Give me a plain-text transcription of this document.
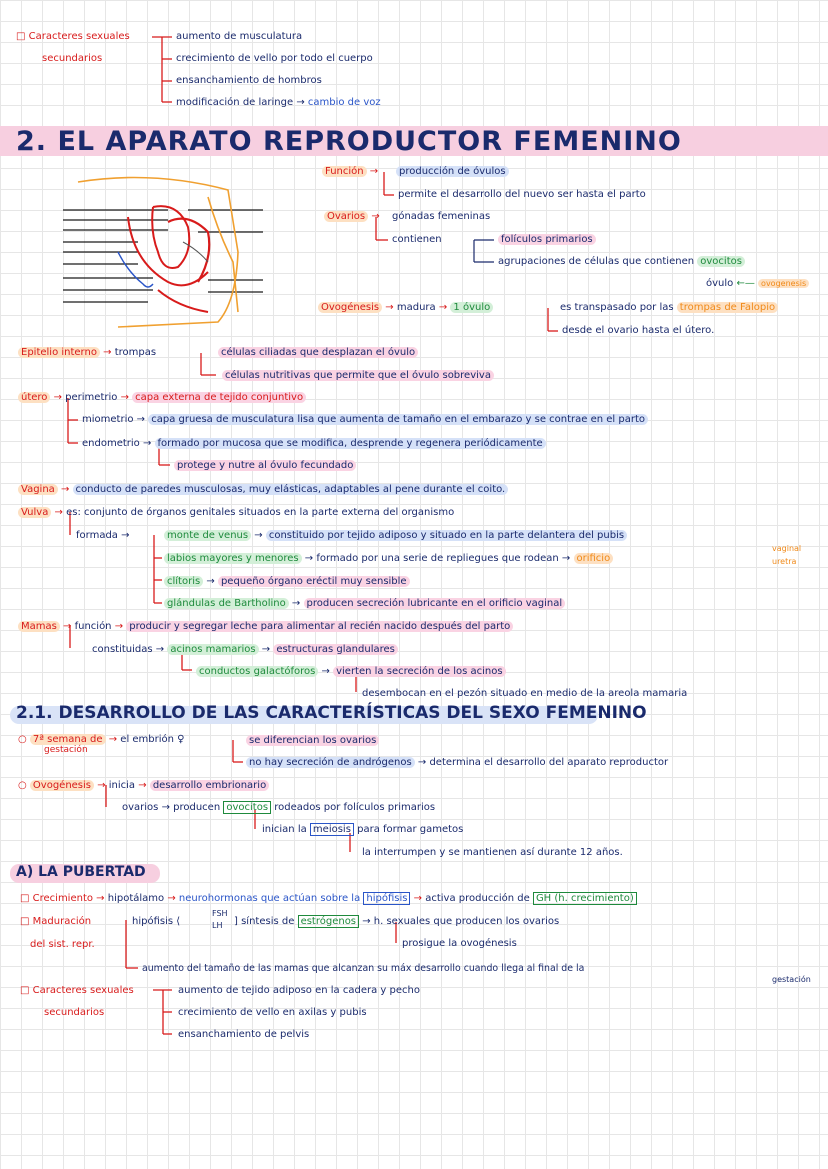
□ Caracteres sexuales
secundarios
aumento de musculatura
crecimiento de vello por todo el cuerpo
ensanchamiento de hombros
modificación de laringe → cambio de voz
2. EL APARATO REPRODUCTOR FEMENINO
Función →	producción de óvulos
permite el desarrollo del nuevo ser hasta el parto
Ovarios → gónadas femeninas
contienen	folículos primarios
agrupaciones de células que contienen ovocitos
óvulo ←— ovogenesis
Ovogénesis → madura → 1 óvulo	es transpasado por las trompas de Falopio
desde el ovario hasta el útero.
Epitelio interno → trompas	células ciliadas que desplazan el óvulo
células nutritivas que permite que el óvulo sobreviva
útero → perimetrio → capa externa de tejido conjuntivo
miometrio → capa gruesa de musculatura lisa que aumenta de tamaño en el embarazo y se contrae en el parto
endometrio → formado por mucosa que se modifica, desprende y regenera periódicamente
protege y nutre al óvulo fecundado
Vagina → conducto de paredes musculosas, muy elásticas, adaptables al pene durante el coito.
Vulva → es: conjunto de órganos genitales situados en la parte externa del organismo
formada →	monte de venus → constituido por tejido adiposo y situado en la parte delantera del pubis
labios mayores y menores → formado por una serie de repliegues que rodean → orificio
vaginal
uretra
clítoris → pequeño órgano eréctil muy sensible
glándulas de Bartholino → producen secreción lubricante en el orificio vaginal
Mamas → función → producir y segregar leche para alimentar al recién nacido después del parto
constituidas → acinos mamarios → estructuras glandulares
conductos galactóforos → vierten la secreción de los acinos
desembocan en el pezón situado en medio de la areola mamaria
2.1. DESARROLLO DE LAS CARACTERÍSTICAS DEL SEXO FEMENINO
○ 7ª semana de → el embrión ♀
gestación
se diferencian los ovarios
no hay secreción de andrógenos → determina el desarrollo del aparato reproductor
○ Ovogénesis → inicia → desarrollo embrionario
ovarios → producen ovocitos rodeados por folículos primarios
inician la meiosis para formar gametos
la interrumpen y se mantienen así durante 12 años.
A) LA PUBERTAD
□ Crecimiento → hipotálamo → neurohormonas que actúan sobre la hipófisis → activa producción de GH (h. crecimiento)
□ Maduración
del sist. repr.
hipófisis ⟨
FSH
LH ] síntesis de estrógenos → h. sexuales que producen los ovarios
prosigue la ovogénesis
aumento del tamaño de las mamas que alcanzan su máx desarrollo cuando llega al final de la
gestación
□ Caracteres sexuales
secundarios
aumento de tejido adiposo en la cadera y pecho
crecimiento de vello en axilas y pubis
ensanchamiento de pelvis
